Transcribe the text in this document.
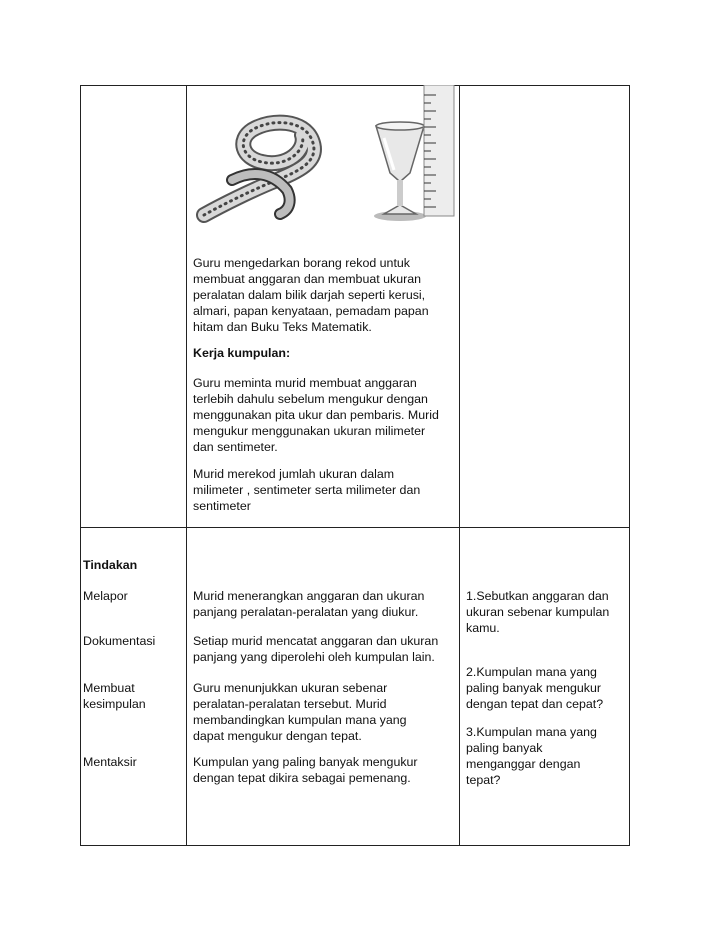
Guru mengedarkan borang rekod untuk
membuat anggaran dan membuat ukuran
peralatan dalam bilik darjah seperti kerusi,
almari, papan kenyataan, pemadam papan
hitam dan Buku Teks Matematik.
Kerja kumpulan:
Guru meminta murid membuat anggaran
terlebih dahulu sebelum mengukur dengan
menggunakan pita ukur dan pembaris. Murid
mengukur menggunakan ukuran milimeter
dan sentimeter.
Murid merekod jumlah ukuran dalam
milimeter , sentimeter serta milimeter dan
sentimeter
Tindakan
Melapor
Dokumentasi
Membuat
kesimpulan
Mentaksir
Murid menerangkan anggaran dan ukuran
panjang peralatan-peralatan yang diukur.
Setiap murid mencatat anggaran dan ukuran
panjang yang diperolehi oleh kumpulan lain.
Guru menunjukkan ukuran sebenar
peralatan-peralatan tersebut. Murid
membandingkan kumpulan mana yang
dapat mengukur dengan tepat.
Kumpulan yang paling banyak mengukur
dengan tepat dikira sebagai pemenang.
1.Sebutkan anggaran dan
ukuran sebenar kumpulan
kamu.
2.Kumpulan mana yang
paling banyak mengukur
dengan tepat dan cepat?
3.Kumpulan mana yang
paling banyak
menganggar dengan
tepat?
